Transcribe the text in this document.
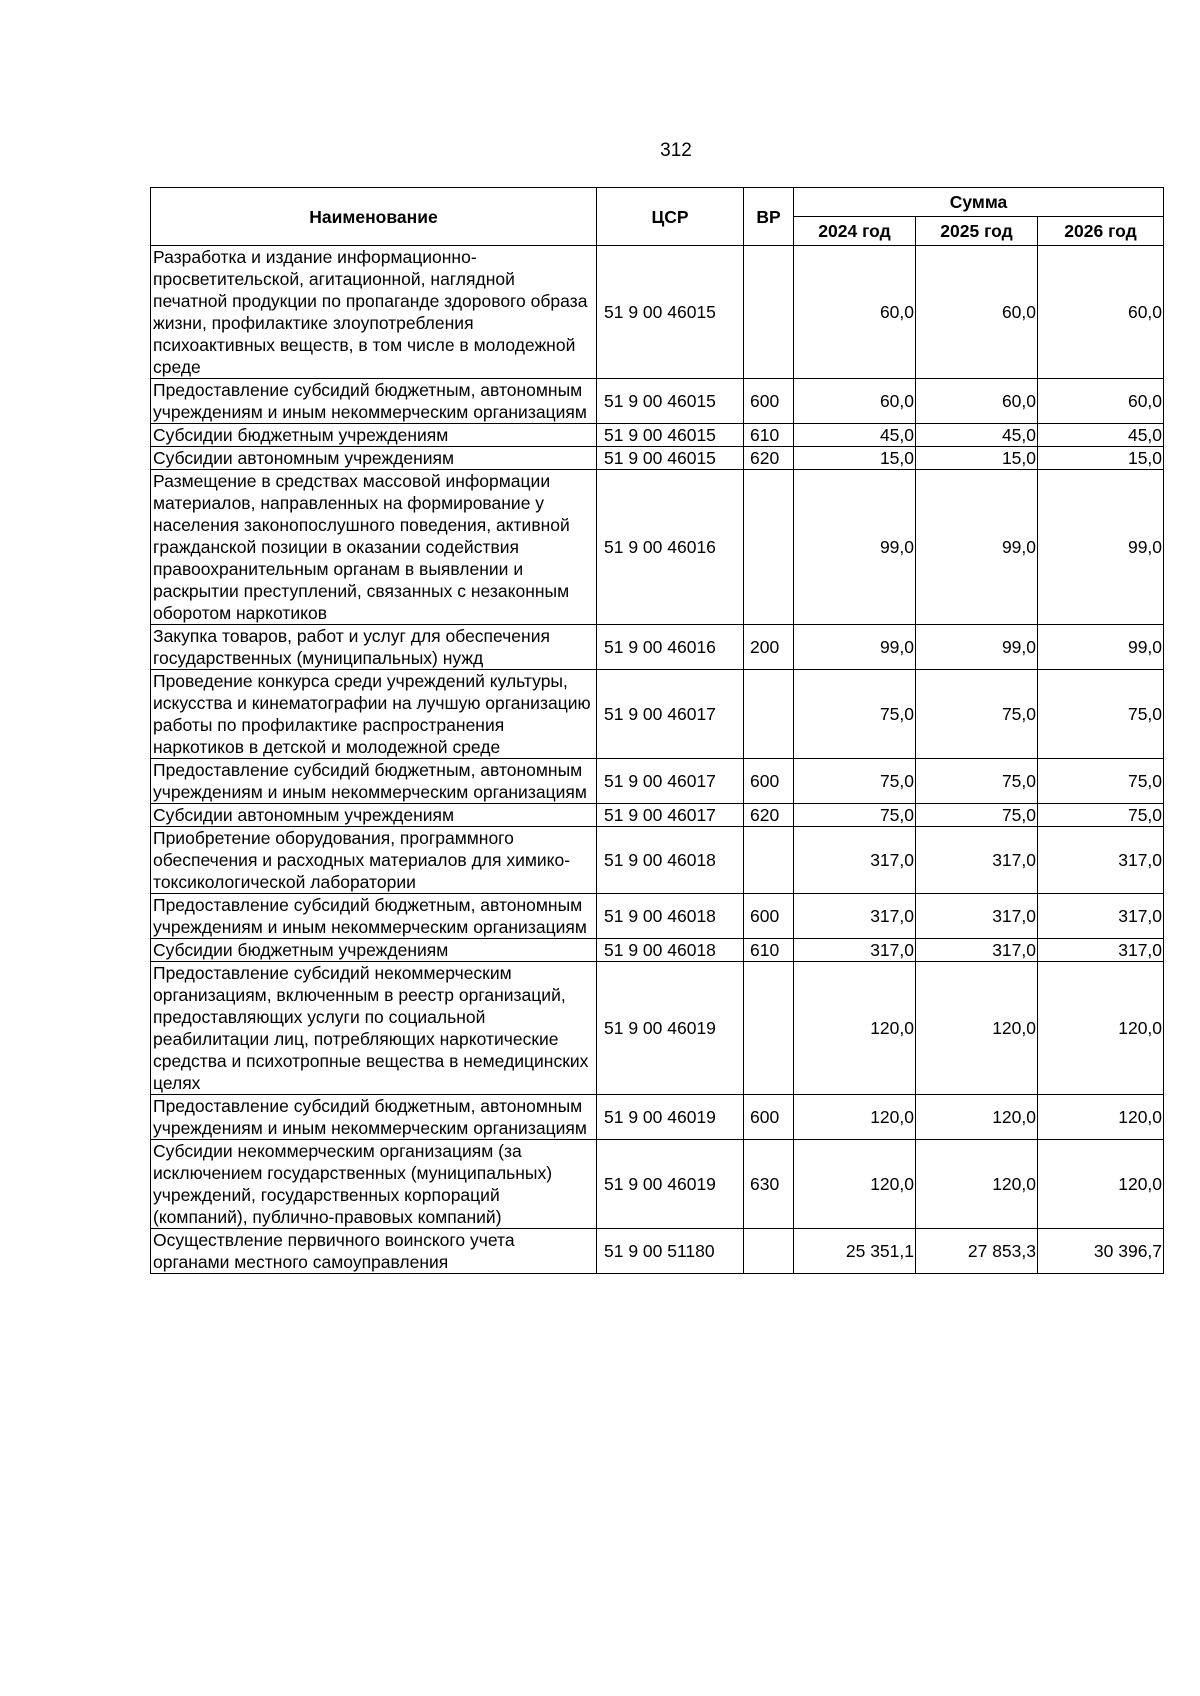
312
Наименование	ЦСР	ВР	Сумма		
			2024 год	2025 год	2026 год
Разработка и издание информационно-просветительской, агитационной, наглядной печатной продукции по пропаганде здорового образа жизни, профилактике злоупотребления психоактивных веществ, в том числе в молодежной среде	51 9 00 46015		60,0	60,0	60,0
Предоставление субсидий бюджетным, автономным учреждениям и иным некоммерческим организациям	51 9 00 46015	600	60,0	60,0	60,0
Субсидии бюджетным учреждениям	51 9 00 46015	610	45,0	45,0	45,0
Субсидии автономным учреждениям	51 9 00 46015	620	15,0	15,0	15,0
Размещение в средствах массовой информации материалов, направленных на формирование у населения законопослушного поведения, активной гражданской позиции в оказании содействия правоохранительным органам в выявлении и раскрытии преступлений, связанных с незаконным оборотом наркотиков	51 9 00 46016		99,0	99,0	99,0
Закупка товаров, работ и услуг для обеспечения государственных (муниципальных) нужд	51 9 00 46016	200	99,0	99,0	99,0
Проведение конкурса среди учреждений культуры, искусства и кинематографии на лучшую организацию работы по профилактике распространения наркотиков в детской и молодежной среде	51 9 00 46017		75,0	75,0	75,0
Предоставление субсидий бюджетным, автономным учреждениям и иным некоммерческим организациям	51 9 00 46017	600	75,0	75,0	75,0
Субсидии автономным учреждениям	51 9 00 46017	620	75,0	75,0	75,0
Приобретение оборудования, программного обеспечения и расходных материалов для химико-токсикологической лаборатории	51 9 00 46018		317,0	317,0	317,0
Предоставление субсидий бюджетным, автономным учреждениям и иным некоммерческим организациям	51 9 00 46018	600	317,0	317,0	317,0
Субсидии бюджетным учреждениям	51 9 00 46018	610	317,0	317,0	317,0
Предоставление субсидий некоммерческим организациям, включенным в реестр организаций, предоставляющих услуги по социальной реабилитации лиц, потребляющих наркотические средства и психотропные вещества в немедицинских целях	51 9 00 46019		120,0	120,0	120,0
Предоставление субсидий бюджетным, автономным учреждениям и иным некоммерческим организациям	51 9 00 46019	600	120,0	120,0	120,0
Субсидии некоммерческим организациям (за исключением государственных (муниципальных) учреждений, государственных корпораций (компаний), публично-правовых компаний)	51 9 00 46019	630	120,0	120,0	120,0
Осуществление первичного воинского учета органами местного самоуправления	51 9 00 51180		25 351,1	27 853,3	30 396,7
